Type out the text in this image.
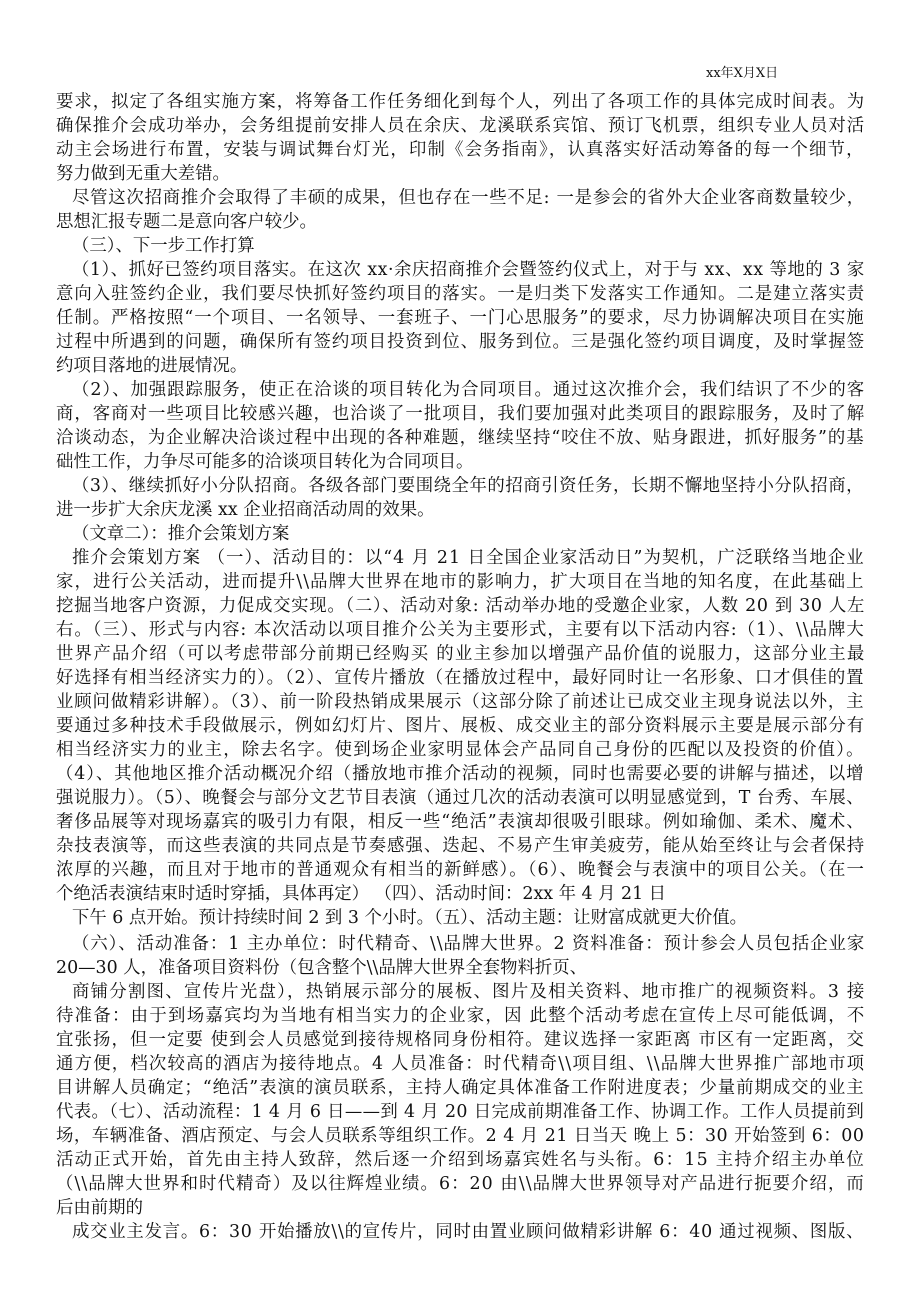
xx年X月X日
要求，拟定了各组实施方案，将筹备工作任务细化到每个人，列出了各项工作的具体完成时间表。为
确保推介会成功举办，会务组提前安排人员在余庆、龙溪联系宾馆、预订飞机票，组织专业人员对活
动主会场进行布置，安装与调试舞台灯光，印制《会务指南》，认真落实好活动筹备的每一个细节，
努力做到无重大差错。
尽管这次招商推介会取得了丰硕的成果，但也存在一些不足: 一是参会的省外大企业客商数量较少，
思想汇报专题二是意向客户较少。
（三）、下一步工作打算
（1）、抓好已签约项目落实。在这次 xx·余庆招商推介会暨签约仪式上，对于与 xx、xx 等地的 3 家
意向入驻签约企业，我们要尽快抓好签约项目的落实。一是归类下发落实工作通知。二是建立落实责
任制。严格按照“一个项目、一名领导、一套班子、一门心思服务”的要求，尽力协调解决项目在实施
过程中所遇到的问题，确保所有签约项目投资到位、服务到位。三是强化签约项目调度，及时掌握签
约项目落地的进展情况。
（2）、加强跟踪服务，使正在洽谈的项目转化为合同项目。通过这次推介会，我们结识了不少的客
商，客商对一些项目比较感兴趣，也洽谈了一批项目，我们要加强对此类项目的跟踪服务，及时了解
洽谈动态，为企业解决洽谈过程中出现的各种难题，继续坚持“咬住不放、贴身跟进，抓好服务”的基
础性工作，力争尽可能多的洽谈项目转化为合同项目。
（3）、继续抓好小分队招商。各级各部门要围绕全年的招商引资任务，长期不懈地坚持小分队招商，
进一步扩大余庆龙溪 xx 企业招商活动周的效果。
（文章二）：推介会策划方案
推介会策划方案 （一）、活动目的：以“4 月 21 日全国企业家活动日”为契机，广泛联络当地企业
家，进行公关活动，进而提升\\品牌大世界在地市的影响力，扩大项目在当地的知名度，在此基础上
挖掘当地客户资源，力促成交实现。（二）、活动对象: 活动举办地的受邀企业家，人数 20 到 30 人左
右。（三）、形式与内容: 本次活动以项目推介公关为主要形式，主要有以下活动内容:（1）、\\品牌大
世界产品介绍（可以考虑带部分前期已经购买 的业主参加以增强产品价值的说服力，这部分业主最
好选择有相当经济实力的）。（2）、宣传片播放（在播放过程中，最好同时让一名形象、口才俱佳的置
业顾问做精彩讲解）。（3）、前一阶段热销成果展示（这部分除了前述让已成交业主现身说法以外，主
要通过多种技术手段做展示，例如幻灯片、图片、展板、成交业主的部分资料展示主要是展示部分有
相当经济实力的业主，除去名字。使到场企业家明显体会产品同自己身份的匹配以及投资的价值）。
（4）、其他地区推介活动概况介绍（播放地市推介活动的视频，同时也需要必要的讲解与描述，以增
强说服力）。（5）、晚餐会与部分文艺节目表演（通过几次的活动表演可以明显感觉到，T 台秀、车展、
奢侈品展等对现场嘉宾的吸引力有限，相反一些“绝活”表演却很吸引眼球。例如瑜伽、柔术、魔术、
杂技表演等，而这些表演的共同点是节奏感强、迭起、不易产生审美疲劳，能从始至终让与会者保持
浓厚的兴趣，而且对于地市的普通观众有相当的新鲜感）。（6）、晚餐会与表演中的项目公关。（在一
个绝活表演结束时适时穿插，具体再定） （四）、活动时间：2xx 年 4 月 21 日
下午 6 点开始。预计持续时间 2 到 3 个小时。（五）、活动主题：让财富成就更大价值。
（六）、活动准备：1 主办单位：时代精奇、\\品牌大世界。2 资料准备：预计参会人员包括企业家
20—30 人，准备项目资料份（包含整个\\品牌大世界全套物料折页、
商铺分割图、宣传片光盘），热销展示部分的展板、图片及相关资料、地市推广的视频资料。3 接
待准备：由于到场嘉宾均为当地有相当实力的企业家，因 此整个活动考虑在宣传上尽可能低调，不
宜张扬，但一定要 使到会人员感觉到接待规格同身份相符。建议选择一家距离 市区有一定距离，交
通方便，档次较高的酒店为接待地点。4 人员准备：时代精奇\\项目组、\\品牌大世界推广部地市项
目讲解人员确定；“绝活”表演的演员联系，主持人确定具体准备工作附进度表；少量前期成交的业主
代表。（七）、活动流程：1 4 月 6 日——到 4 月 20 日完成前期准备工作、协调工作。工作人员提前到
场，车辆准备、酒店预定、与会人员联系等组织工作。2 4 月 21 日当天 晚上 5：30 开始签到 6：00
活动正式开始，首先由主持人致辞，然后逐一介绍到场嘉宾姓名与头衔。6：15 主持介绍主办单位
（\\品牌大世界和时代精奇）及以往辉煌业绩。6：20 由\\品牌大世界领导对产品进行扼要介绍，而
后由前期的
成交业主发言。6：30 开始播放\\的宣传片，同时由置业顾问做精彩讲解 6：40 通过视频、图版、
